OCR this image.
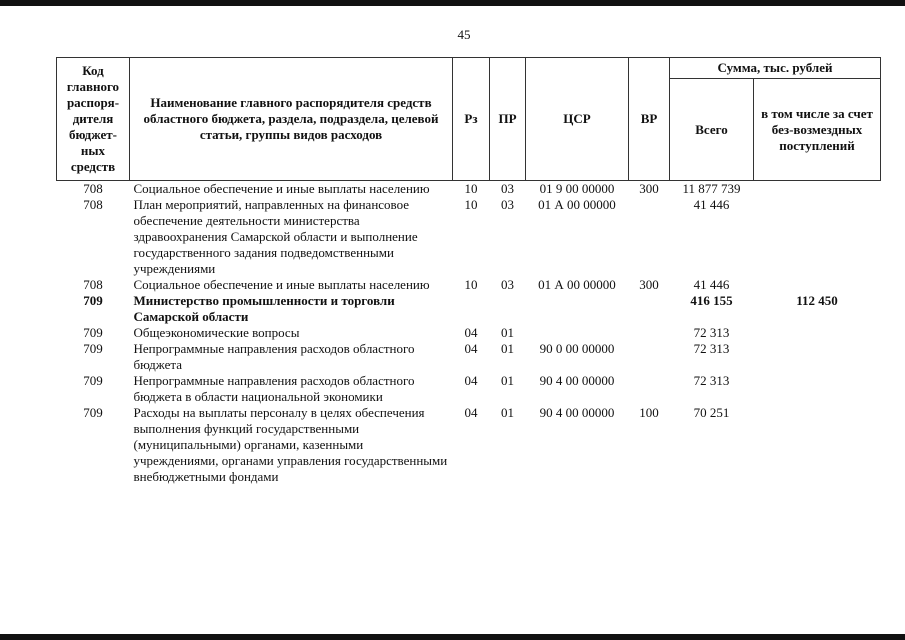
45
Код главного распоря-дителя бюджет-ных средств	Наименование главного распорядителя средств областного бюджета, раздела, подраздела, целевой статьи, группы видов расходов	Рз	ПР	ЦСР	ВР	Сумма, тыс. рублей	
						Всего	в том числе за счет без-возмездных поступлений
708	Социальное обеспечение и иные выплаты населению	10	03	01 9 00 00000	300	11 877 739	
708	План мероприятий, направленных на финансовое обеспечение деятельности министерства здравоохранения Самарской области и выполнение государственного задания подведомственными учреждениями	10	03	01 А 00 00000		41 446	
708	Социальное обеспечение и иные выплаты населению	10	03	01 А 00 00000	300	41 446	
709	Министерство промышленности и торговли Самарской области					416 155	112 450
709	Общеэкономические вопросы	04	01			72 313	
709	Непрограммные направления расходов областного бюджета	04	01	90 0 00 00000		72 313	
709	Непрограммные направления расходов областного бюджета в области национальной экономики	04	01	90 4 00 00000		72 313	
709	Расходы на выплаты персоналу в целях обеспечения выполнения функций государственными (муниципальными) органами, казенными учреждениями, органами управления государственными внебюджетными фондами	04	01	90 4 00 00000	100	70 251	
